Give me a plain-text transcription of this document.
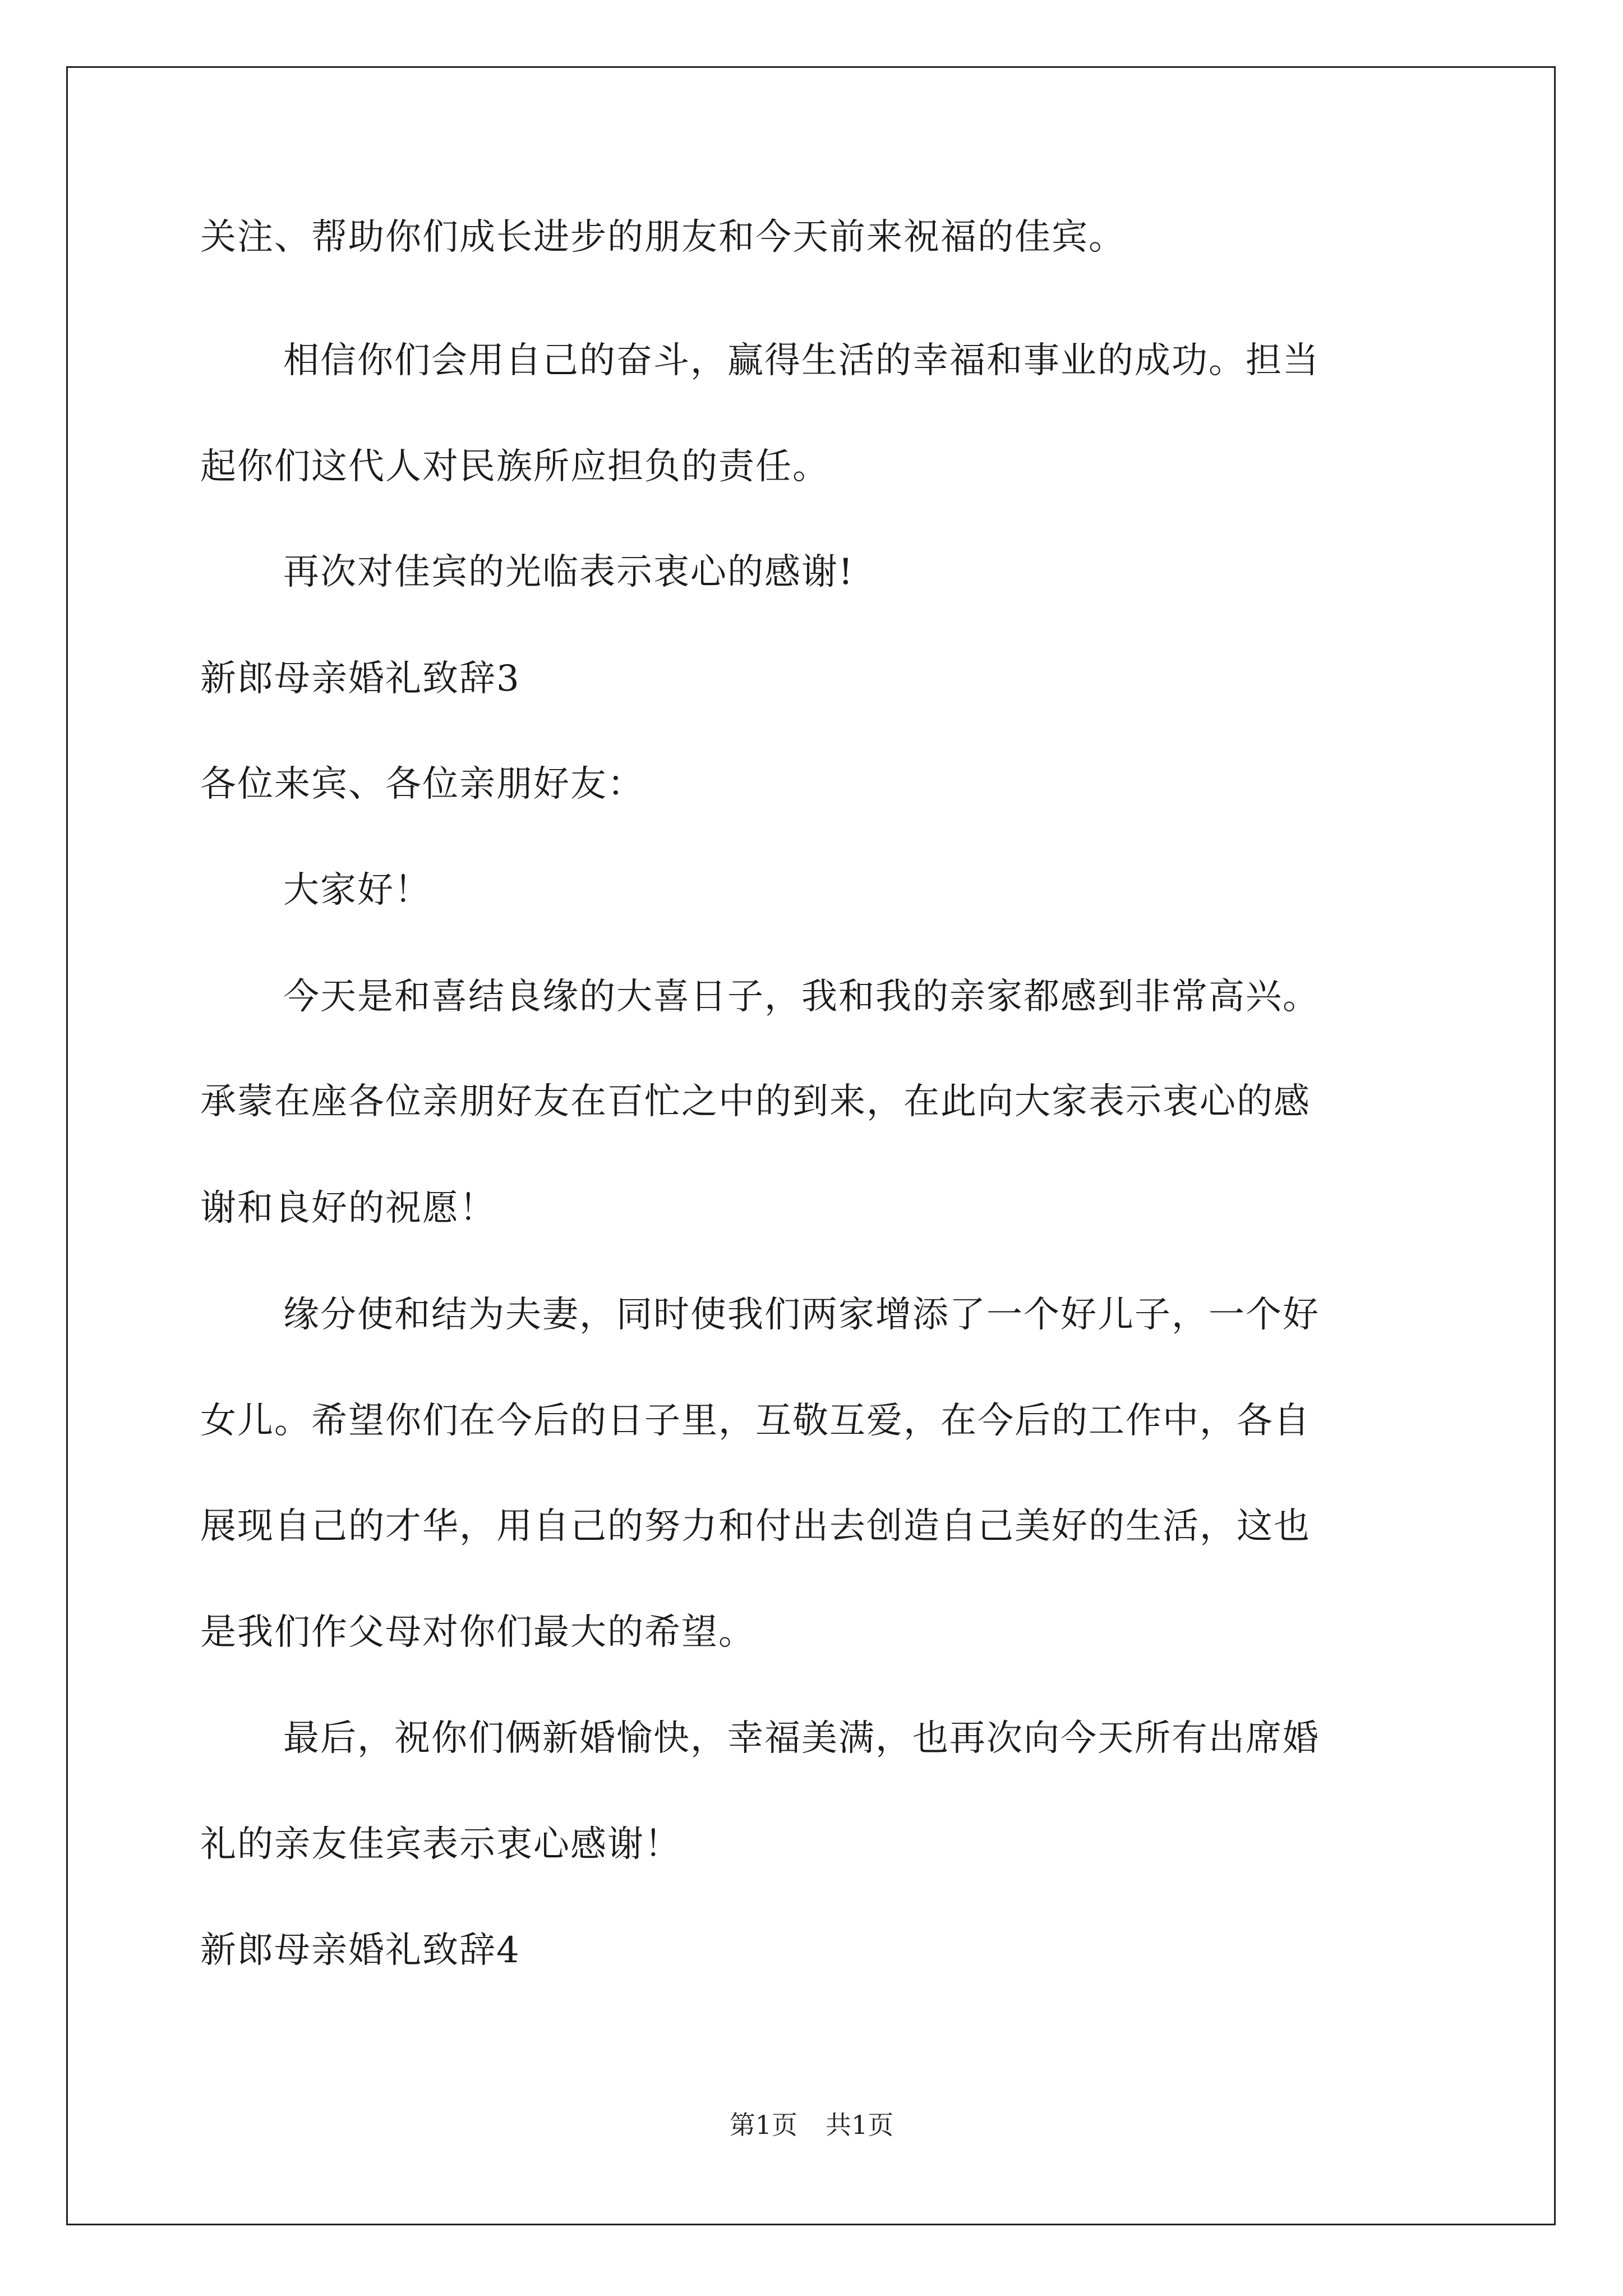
关注、帮助你们成长进步的朋友和今天前来祝福的佳宾。
相信你们会用自己的奋斗，赢得生活的幸福和事业的成功。担当
起你们这代人对民族所应担负的责任。
再次对佳宾的光临表示衷心的感谢!
新郎母亲婚礼致辞3
各位来宾、各位亲朋好友：
大家好！
今天是和喜结良缘的大喜日子，我和我的亲家都感到非常高兴。
承蒙在座各位亲朋好友在百忙之中的到来，在此向大家表示衷心的感
谢和良好的祝愿！
缘分使和结为夫妻，同时使我们两家增添了一个好儿子，一个好
女儿。希望你们在今后的日子里，互敬互爱，在今后的工作中，各自
展现自己的才华，用自己的努力和付出去创造自己美好的生活，这也
是我们作父母对你们最大的希望。
最后，祝你们俩新婚愉快，幸福美满，也再次向今天所有出席婚
礼的亲友佳宾表示衷心感谢！
新郎母亲婚礼致辞4
第1页 共1页
